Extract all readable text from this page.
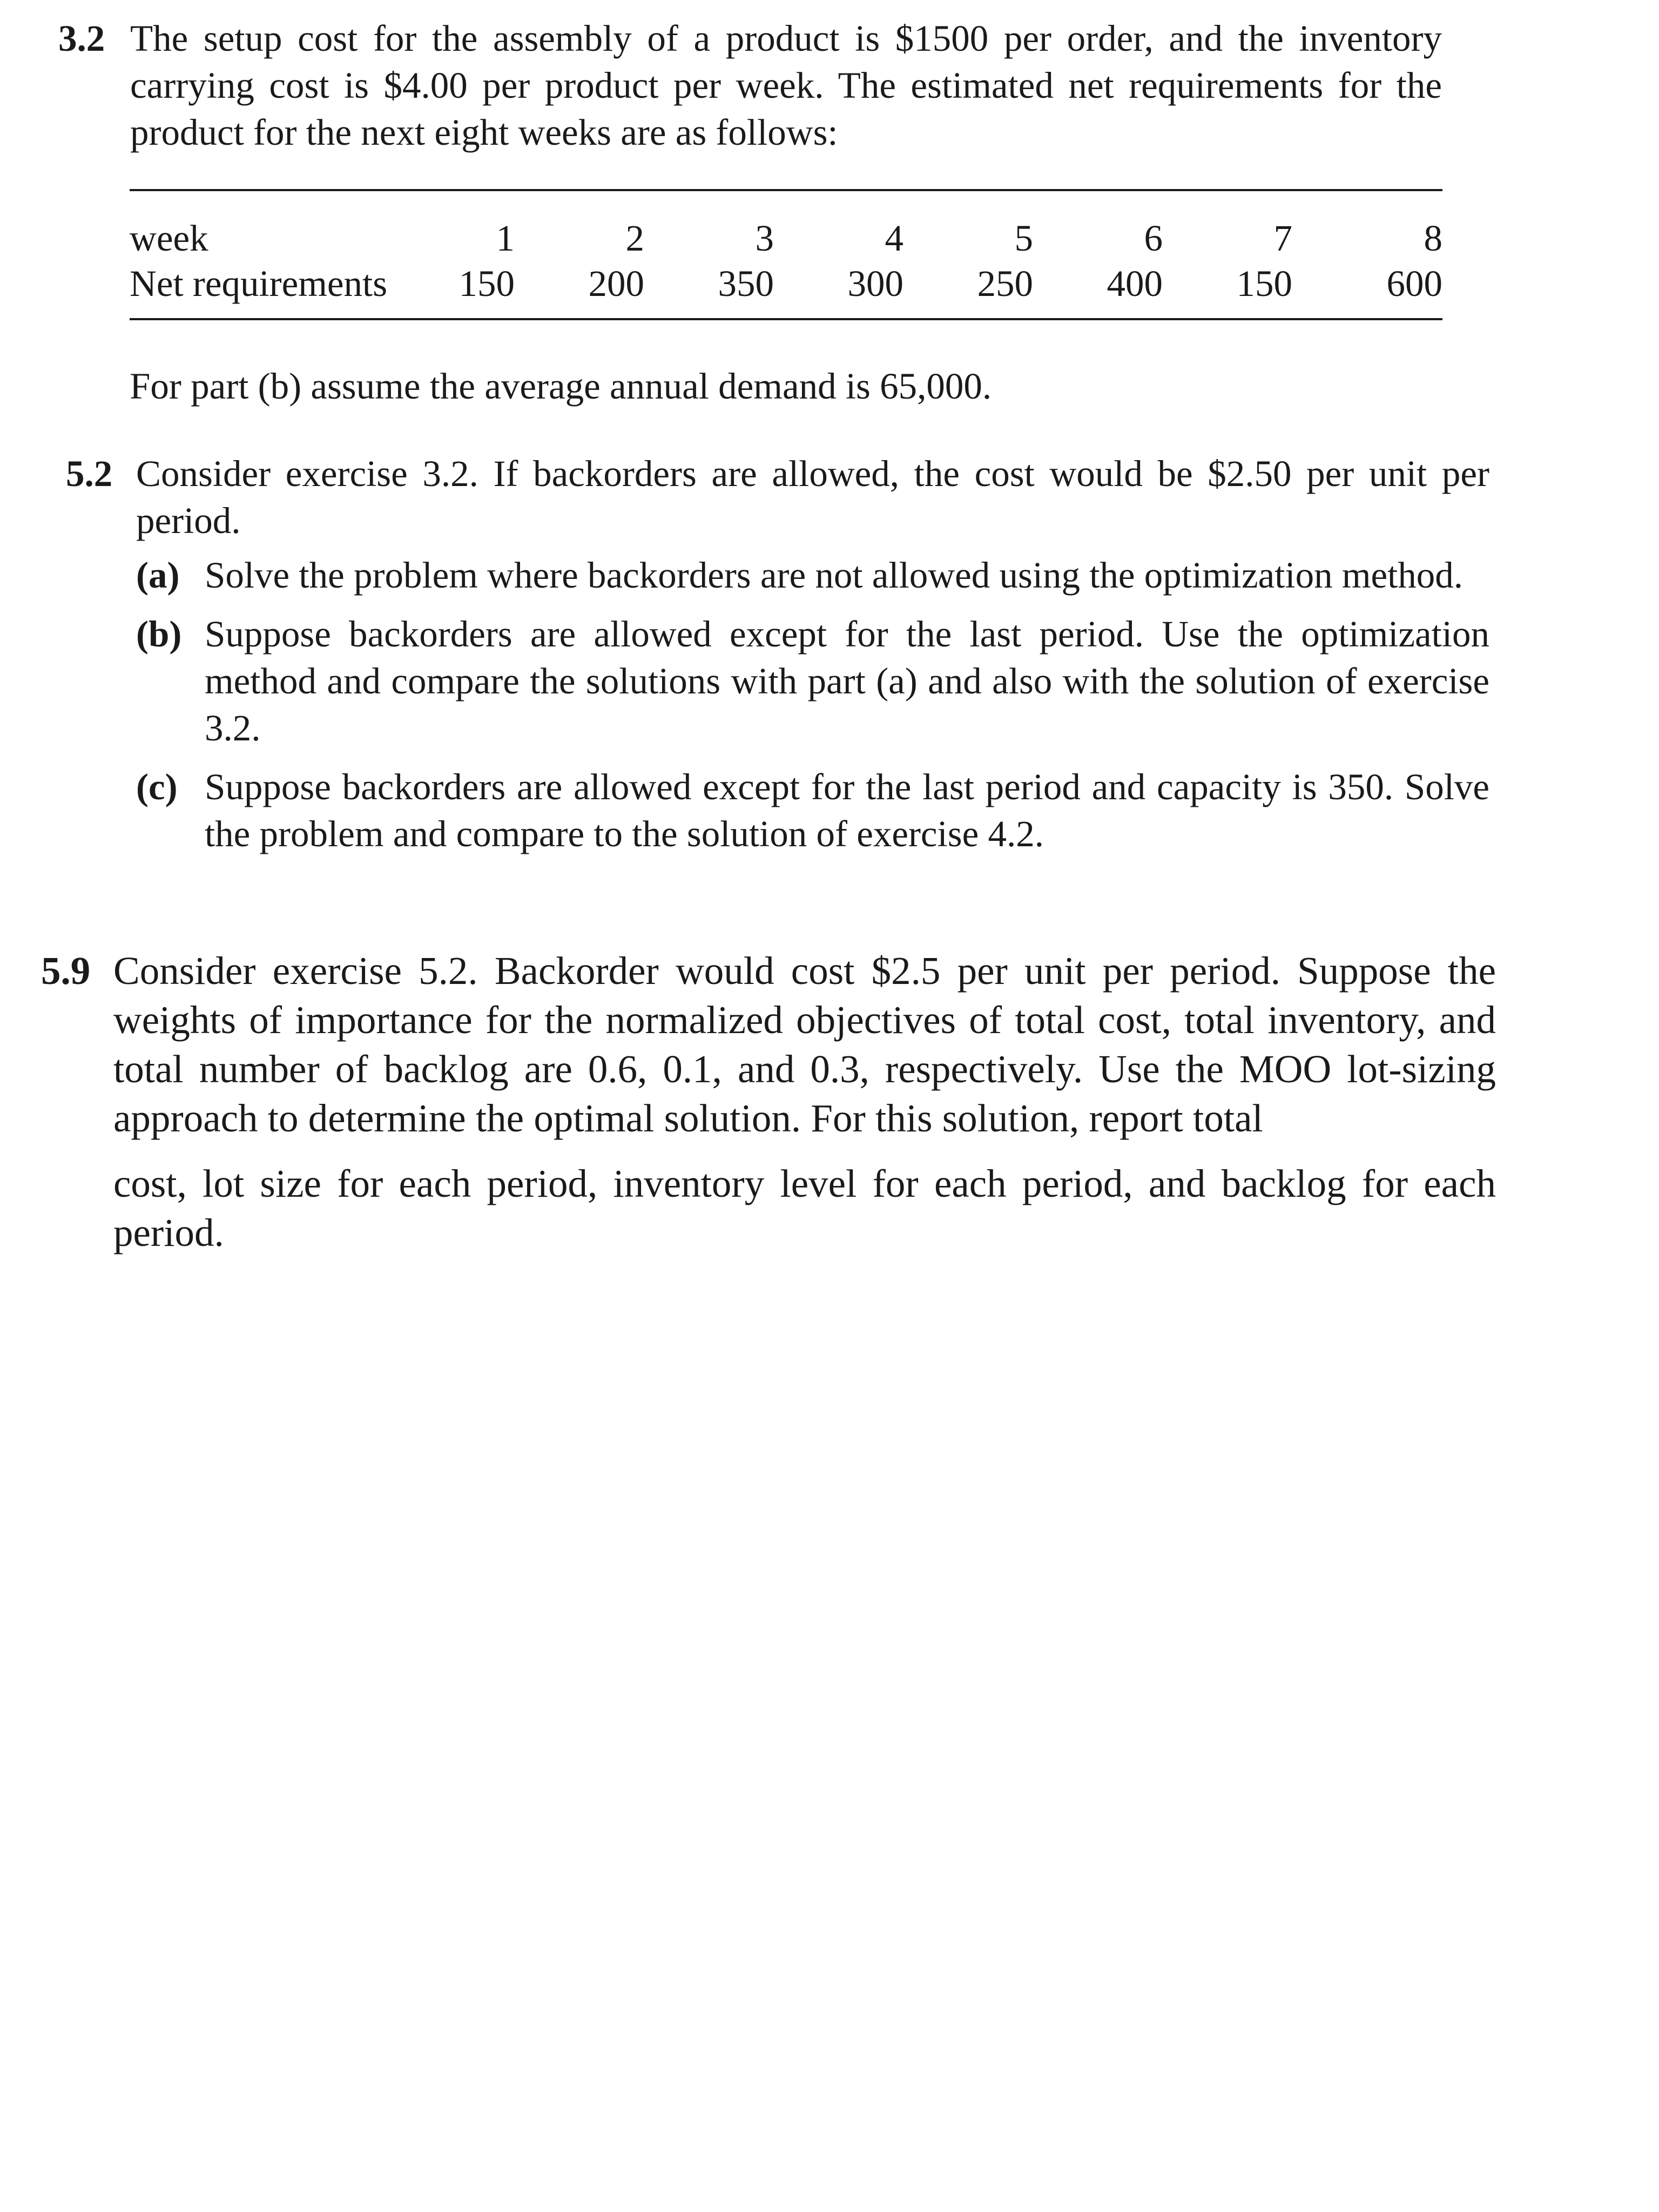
3.2 The setup cost for the assembly of a product is $1500 per order, and the inventory carrying cost is $4.00 per product per week. The estimated net requirements for the product for the next eight weeks are as follows:
week	1	2	3	4	5	6	7	8
Net requirements	150	200	350	300	250	400	150	600
For part (b) assume the average annual demand is 65,000.
5.2 Consider exercise 3.2. If backorders are allowed, the cost would be $2.50 per unit per period.
(a) Solve the problem where backorders are not allowed using the optimization method.
(b) Suppose backorders are allowed except for the last period. Use the optimization method and compare the solutions with part (a) and also with the solution of exercise 3.2.
(c) Suppose backorders are allowed except for the last period and capacity is 350. Solve the problem and compare to the solution of exercise 4.2.
5.9 Consider exercise 5.2. Backorder would cost $2.5 per unit per period. Suppose the weights of importance for the normalized objectives of total cost, total inventory, and total number of backlog are 0.6, 0.1, and 0.3, respectively. Use the MOO lot-sizing approach to determine the optimal solution. For this solution, report total
cost, lot size for each period, inventory level for each period, and backlog for each period.
